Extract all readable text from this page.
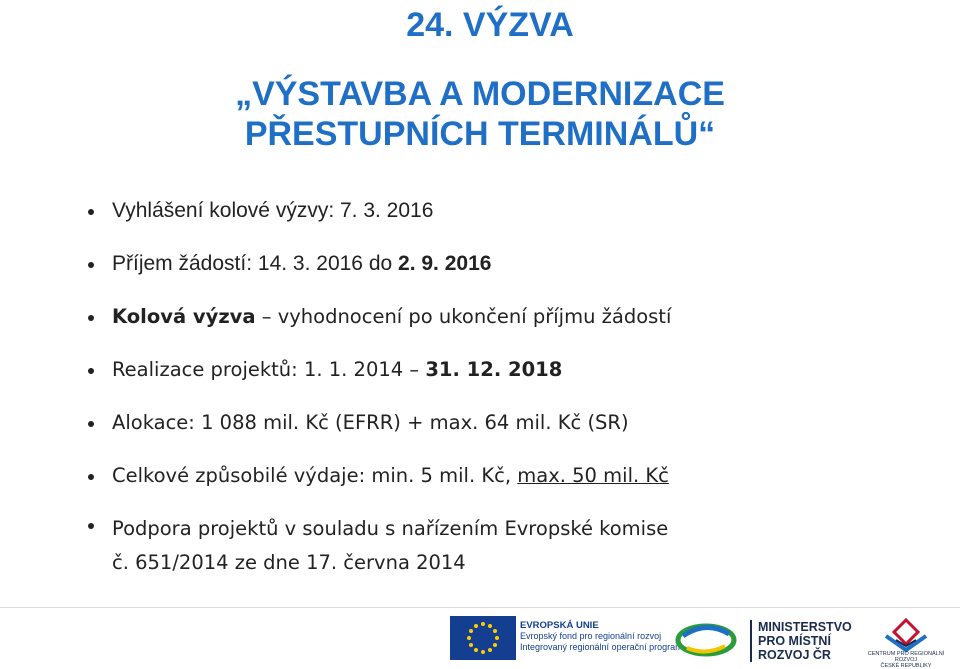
24. VÝZVA
„VÝSTAVBA A MODERNIZACE
PŘESTUPNÍCH TERMINÁLŮ“
Vyhlášení kolové výzvy: 7. 3. 2016
Příjem žádostí: 14. 3. 2016 do 2. 9. 2016
Kolová výzva – vyhodnocení po ukončení příjmu žádostí
Realizace projektů: 1. 1. 2014 – 31. 12. 2018
Alokace: 1 088 mil. Kč (EFRR) + max. 64 mil. Kč (SR)
Celkové způsobilé výdaje: min. 5 mil. Kč, max. 50 mil. Kč
Podpora projektů v souladu s nařízením Evropské komise
č. 651/2014 ze dne 17. června 2014
EVROPSKÁ UNIE
Evropský fond pro regionální rozvoj
Integrovaný regionální operační program
MINISTERSTVO
PRO MÍSTNÍ
ROZVOJ ČR	CENTRUM PRO REGIONÁLNÍ ROZVOJ
ČESKÉ REPUBLIKY
